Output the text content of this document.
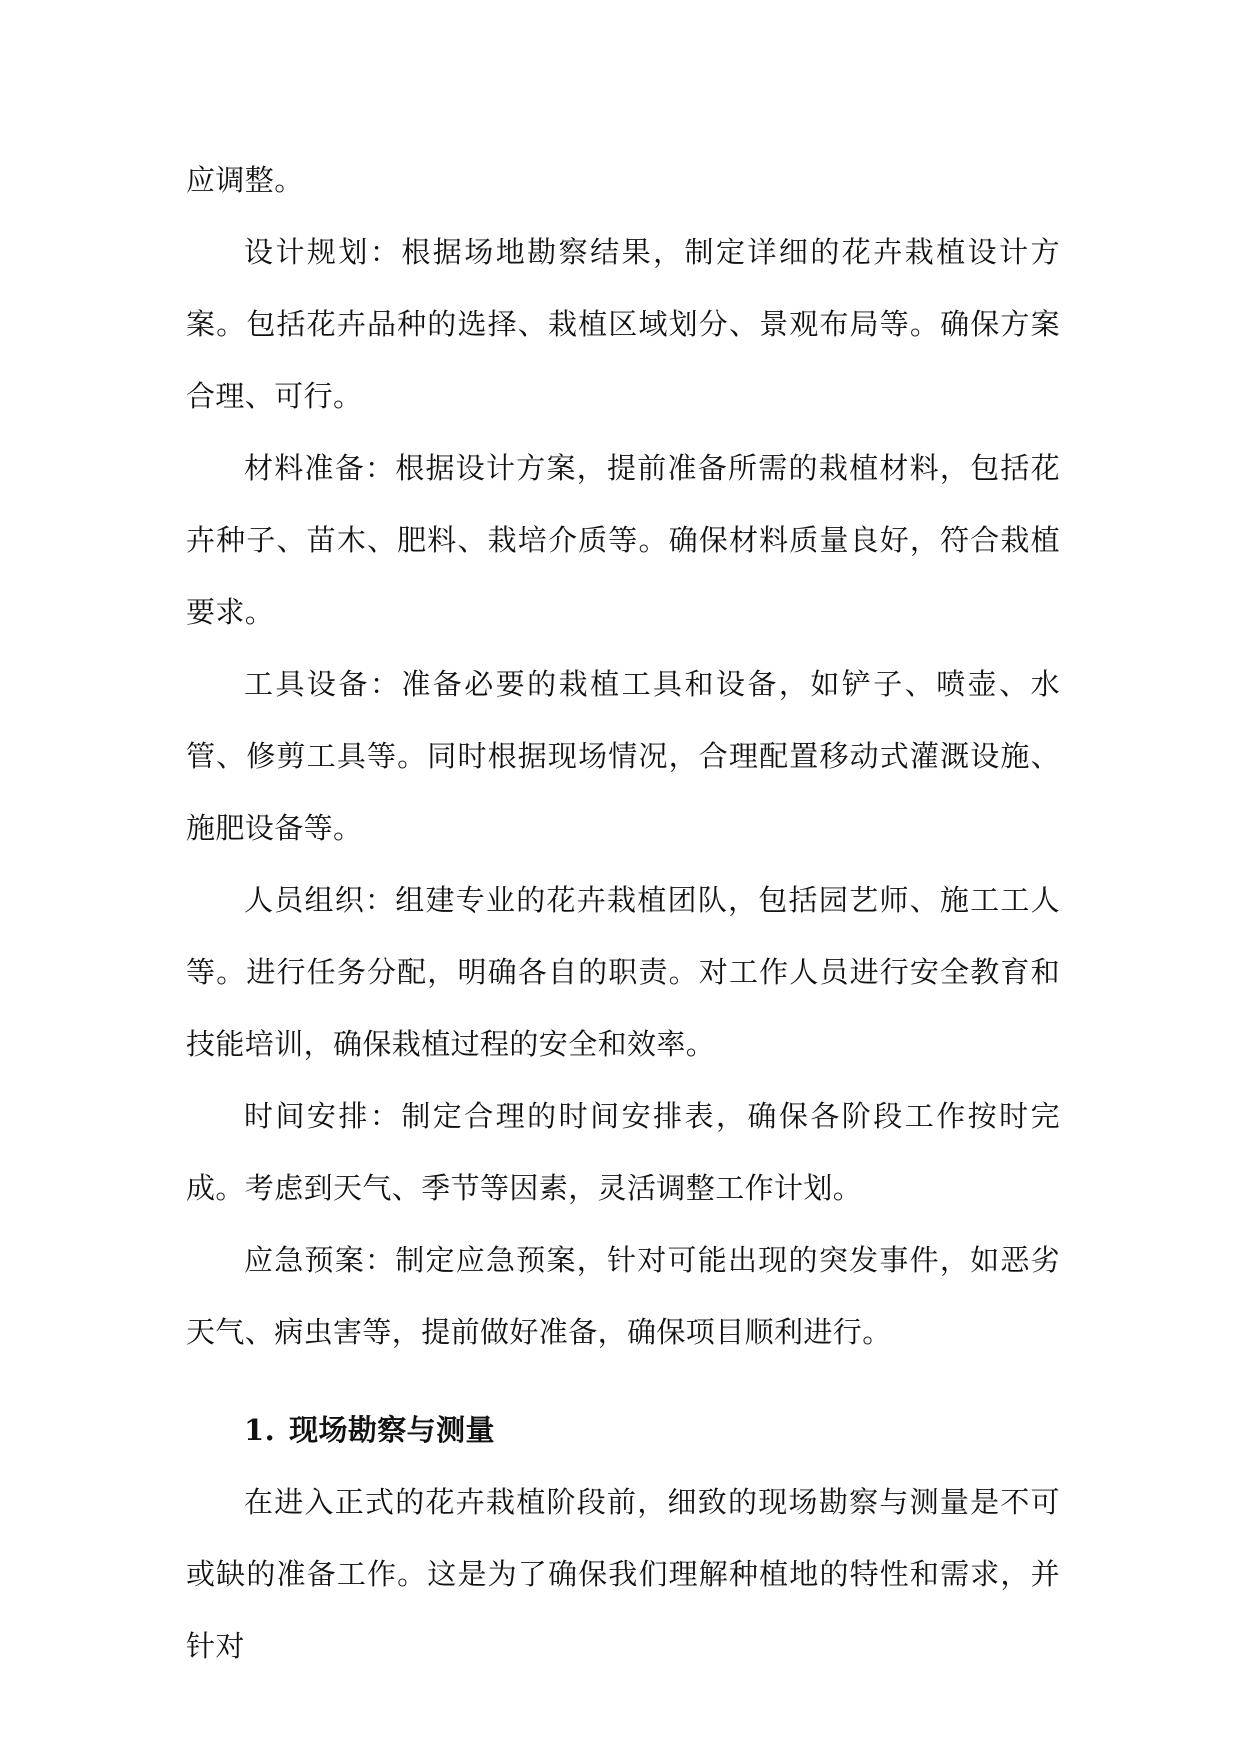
应调整。

设计规划：根据场地勘察结果，制定详细的花卉栽植设计方案。包括花卉品种的选择、栽植区域划分、景观布局等。确保方案合理、可行。

材料准备：根据设计方案，提前准备所需的栽植材料，包括花卉种子、苗木、肥料、栽培介质等。确保材料质量良好，符合栽植要求。

工具设备：准备必要的栽植工具和设备，如铲子、喷壶、水管、修剪工具等。同时根据现场情况，合理配置移动式灌溉设施、施肥设备等。

人员组织：组建专业的花卉栽植团队，包括园艺师、施工工人等。进行任务分配，明确各自的职责。对工作人员进行安全教育和技能培训，确保栽植过程的安全和效率。

时间安排：制定合理的时间安排表，确保各阶段工作按时完成。考虑到天气、季节等因素，灵活调整工作计划。

应急预案：制定应急预案，针对可能出现的突发事件，如恶劣天气、病虫害等，提前做好准备，确保项目顺利进行。

1. 现场勘察与测量

在进入正式的花卉栽植阶段前，细致的现场勘察与测量是不可或缺的准备工作。这是为了确保我们理解种植地的特性和需求，并针对
